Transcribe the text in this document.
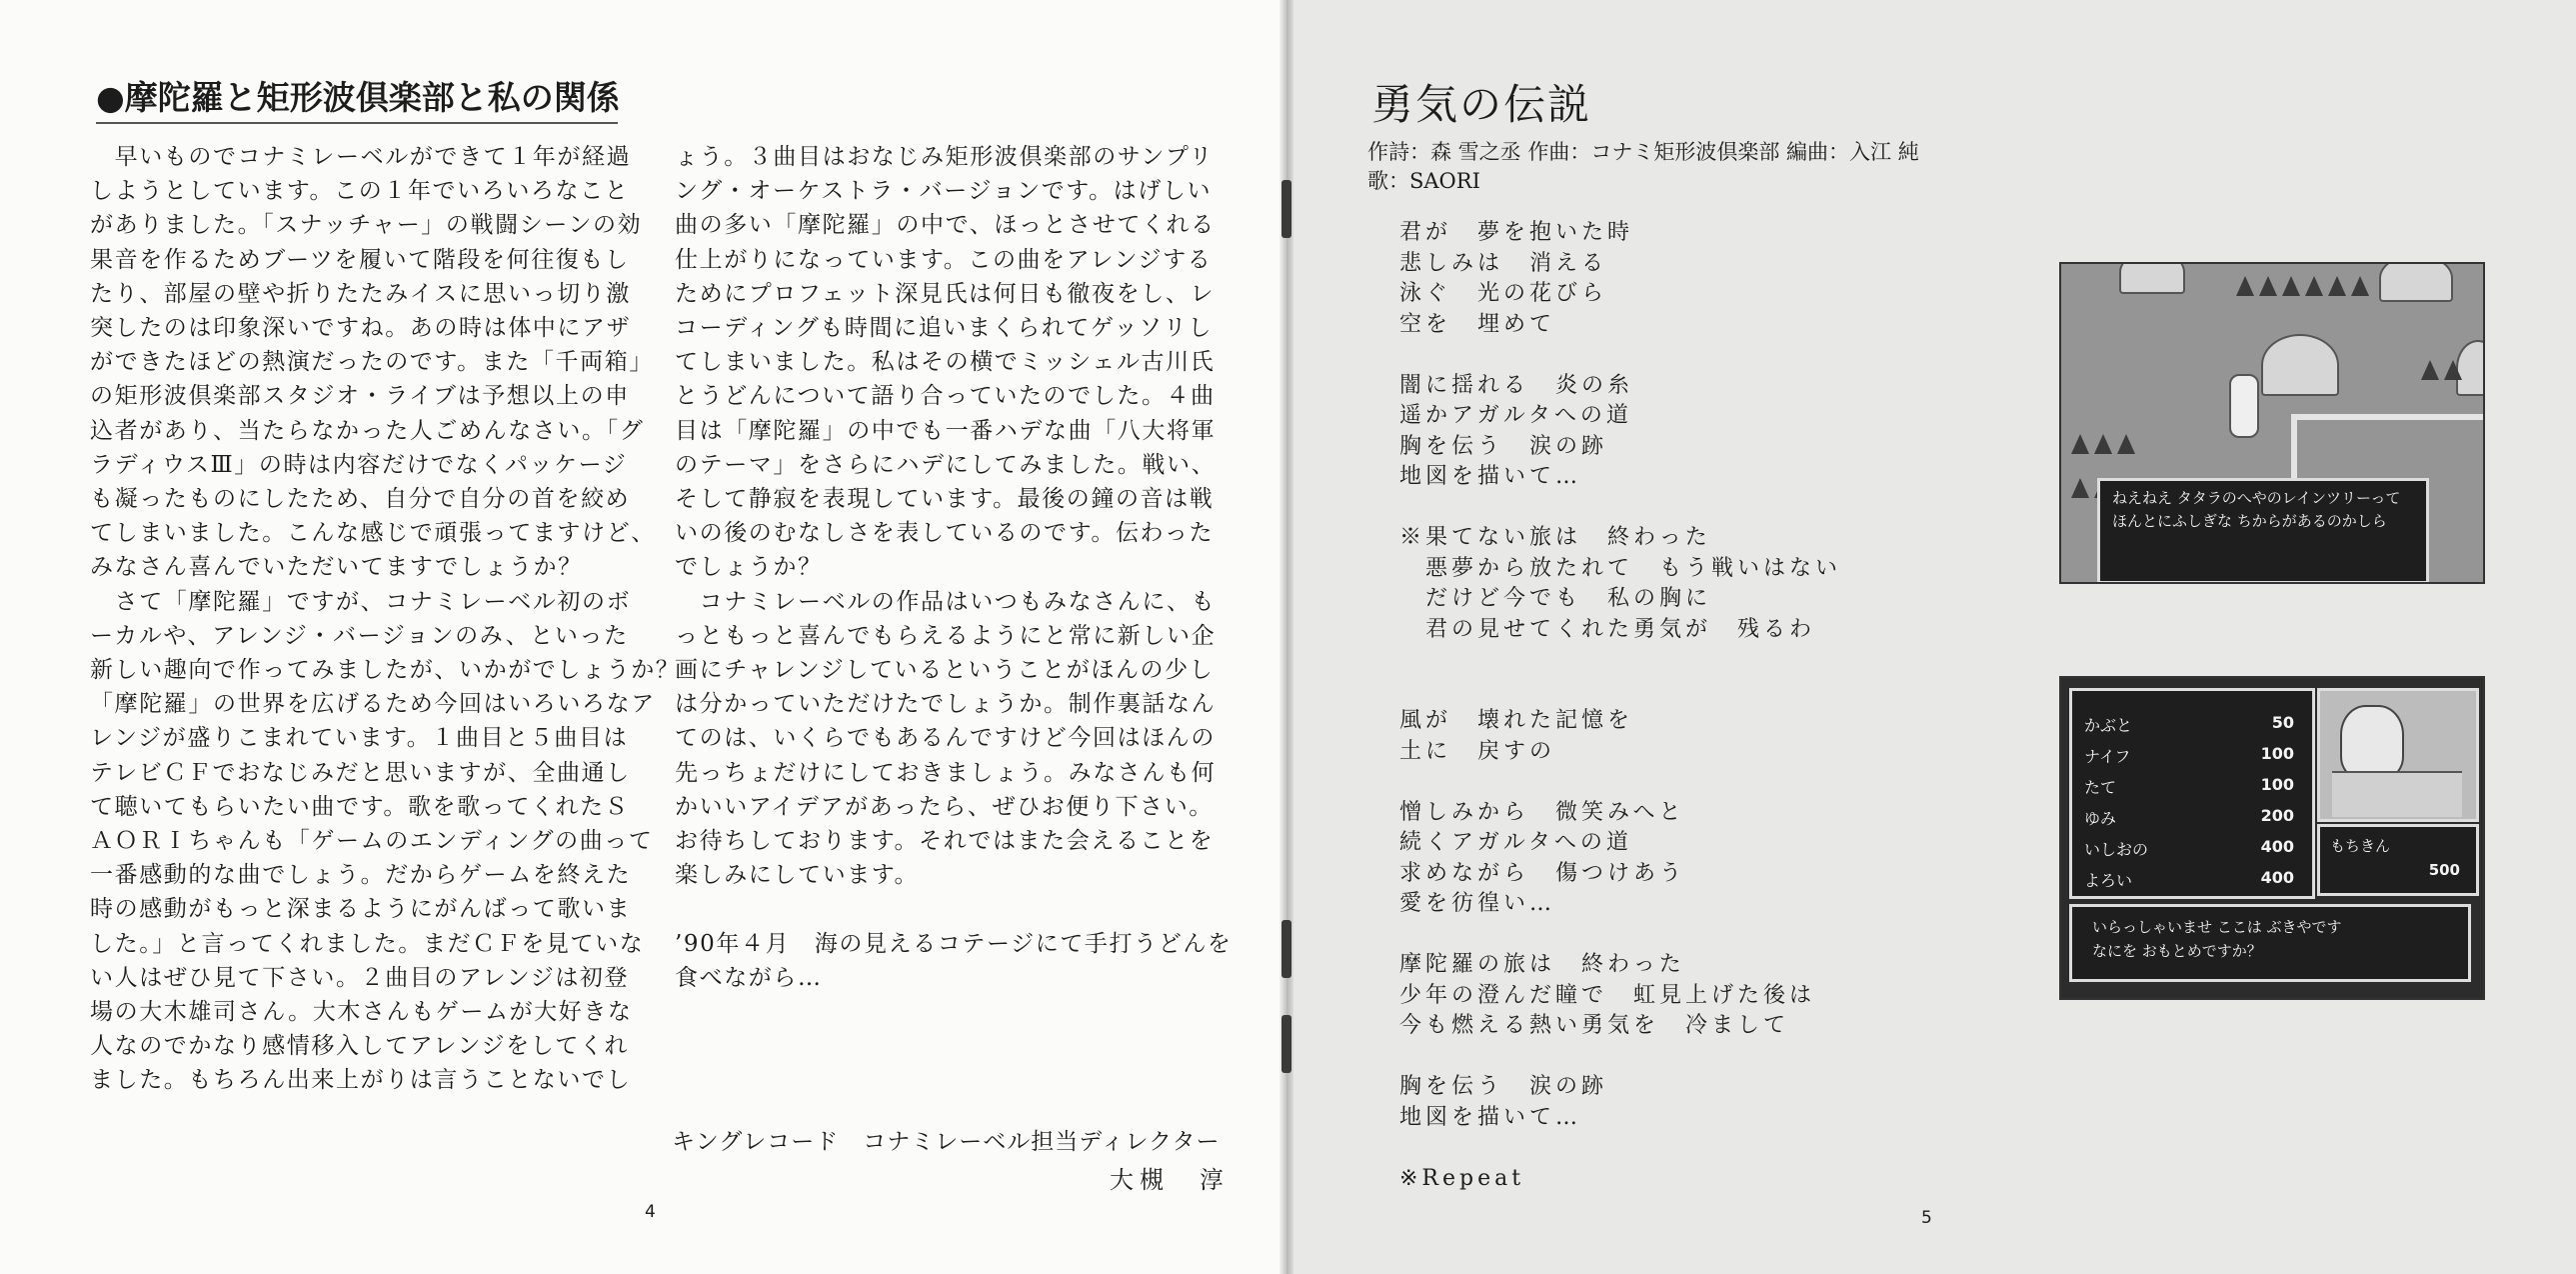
●摩陀羅と矩形波倶楽部と私の関係

　早いものでコナミレーベルができて１年が経過

しようとしています。この１年でいろいろなこと

がありました。「スナッチャー」の戦闘シーンの効

果音を作るためブーツを履いて階段を何往復もし

たり、部屋の壁や折りたたみイスに思いっ切り激

突したのは印象深いですね。あの時は体中にアザ

ができたほどの熱演だったのです。また「千両箱」

の矩形波倶楽部スタジオ・ライブは予想以上の申

込者があり、当たらなかった人ごめんなさい。「グ

ラディウスⅢ」の時は内容だけでなくパッケージ

も凝ったものにしたため、自分で自分の首を絞め

てしまいました。こんな感じで頑張ってますけど、

みなさん喜んでいただいてますでしょうか？

　さて「摩陀羅」ですが、コナミレーベル初のボ

ーカルや、アレンジ・バージョンのみ、といった

新しい趣向で作ってみましたが、いかがでしょうか？

「摩陀羅」の世界を広げるため今回はいろいろなア

レンジが盛りこまれています。１曲目と５曲目は

テレビＣＦでおなじみだと思いますが、全曲通し

て聴いてもらいたい曲です。歌を歌ってくれたＳ

ＡＯＲＩちゃんも「ゲームのエンディングの曲って

一番感動的な曲でしょう。だからゲームを終えた

時の感動がもっと深まるようにがんばって歌いま

した。」と言ってくれました。まだＣＦを見ていな

い人はぜひ見て下さい。２曲目のアレンジは初登

場の大木雄司さん。大木さんもゲームが大好きな

人なのでかなり感情移入してアレンジをしてくれ

ました。もちろん出来上がりは言うことないでし

ょう。３曲目はおなじみ矩形波倶楽部のサンプリ

ング・オーケストラ・バージョンです。はげしい

曲の多い「摩陀羅」の中で、ほっとさせてくれる

仕上がりになっています。この曲をアレンジする

ためにプロフェット深見氏は何日も徹夜をし、レ

コーディングも時間に追いまくられてゲッソリし

てしまいました。私はその横でミッシェル古川氏

とうどんについて語り合っていたのでした。４曲

目は「摩陀羅」の中でも一番ハデな曲「八大将軍

のテーマ」をさらにハデにしてみました。戦い、

そして静寂を表現しています。最後の鐘の音は戦

いの後のむなしさを表しているのです。伝わった

でしょうか？

　コナミレーベルの作品はいつもみなさんに、も

っともっと喜んでもらえるようにと常に新しい企

画にチャレンジしているということがほんの少し

は分かっていただけたでしょうか。制作裏話なん

てのは、いくらでもあるんですけど今回はほんの

先っちょだけにしておきましょう。みなさんも何

かいいアイデアがあったら、ぜひお便り下さい。

お待ちしております。それではまた会えることを

楽しみにしています。

’90年４月　海の見えるコテージにて手打うどんを

食べながら…

キングレコード　コナミレーベル担当ディレクター
大槻　淳
4
勇気の伝説
作詩：森 雪之丞 作曲：コナミ矩形波倶楽部 編曲：入江 純
歌：SAORI
君が　夢を抱いた時
悲しみは　消える
泳ぐ　光の花びら
空を　埋めて
闇に揺れる　炎の糸
遥かアガルタへの道
胸を伝う　涙の跡
地図を描いて…
※果てない旅は　終わった
　悪夢から放たれて　もう戦いはない
　だけど今でも　私の胸に
　君の見せてくれた勇気が　残るわ
風が　壊れた記憶を
土に　戻すの
憎しみから　微笑みへと
続くアガルタへの道
求めながら　傷つけあう
愛を彷徨い…
摩陀羅の旅は　終わった
少年の澄んだ瞳で　虹見上げた後は
今も燃える熱い勇気を　冷まして
胸を伝う　涙の跡
地図を描いて…
※Repeat
ねえねえ タタラのへやのレインツリーって
ほんとにふしぎな ちからがあるのかしら
かぶと	50
ナイフ	100
たて	100
ゆみ	200
いしおの	400
よろい	400
もちきん
500
いらっしゃいませ ここは ぶきやです
なにを おもとめですか？
5
